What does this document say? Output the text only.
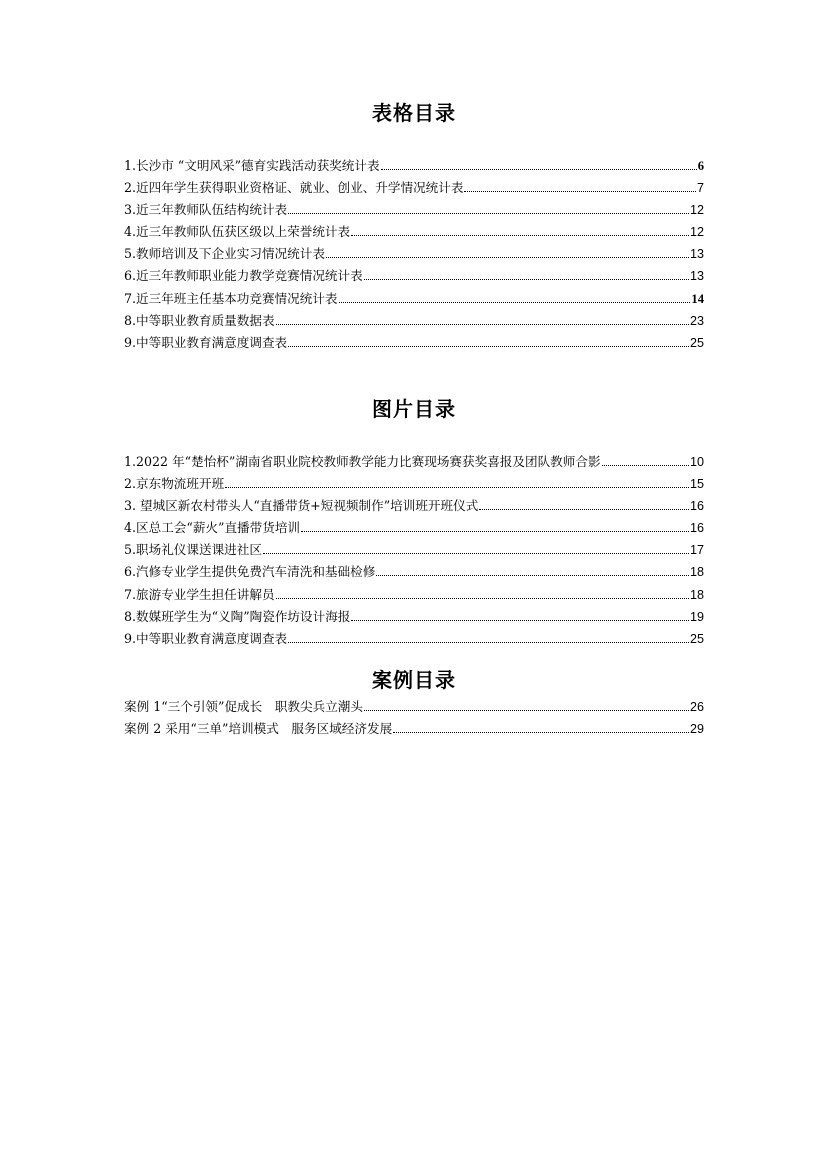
表格目录
1.长沙市 “文明风采”德育实践活动获奖统计表	6
2.近四年学生获得职业资格证、就业、创业、升学情况统计表	7
3.近三年教师队伍结构统计表	12
4.近三年教师队伍获区级以上荣誉统计表	12
5.教师培训及下企业实习情况统计表	13
6.近三年教师职业能力教学竞赛情况统计表	13
7.近三年班主任基本功竞赛情况统计表	14
8.中等职业教育质量数据表	23
9.中等职业教育满意度调查表	25
图片目录
1.2022 年“楚怡杯”湖南省职业院校教师教学能力比赛现场赛获奖喜报及团队教师合影	10
2.京东物流班开班	15
3. 望城区新农村带头人“直播带货+短视频制作”培训班开班仪式	16
4.区总工会“薪火”直播带货培训	16
5.职场礼仪课送课进社区	17
6.汽修专业学生提供免费汽车清洗和基础检修	18
7.旅游专业学生担任讲解员	18
8.数媒班学生为“义陶”陶瓷作坊设计海报	19
9.中等职业教育满意度调查表	25
案例目录
案例 1“三个引领”促成长　职教尖兵立潮头	26
案例 2 采用“三单”培训模式　服务区域经济发展	29
